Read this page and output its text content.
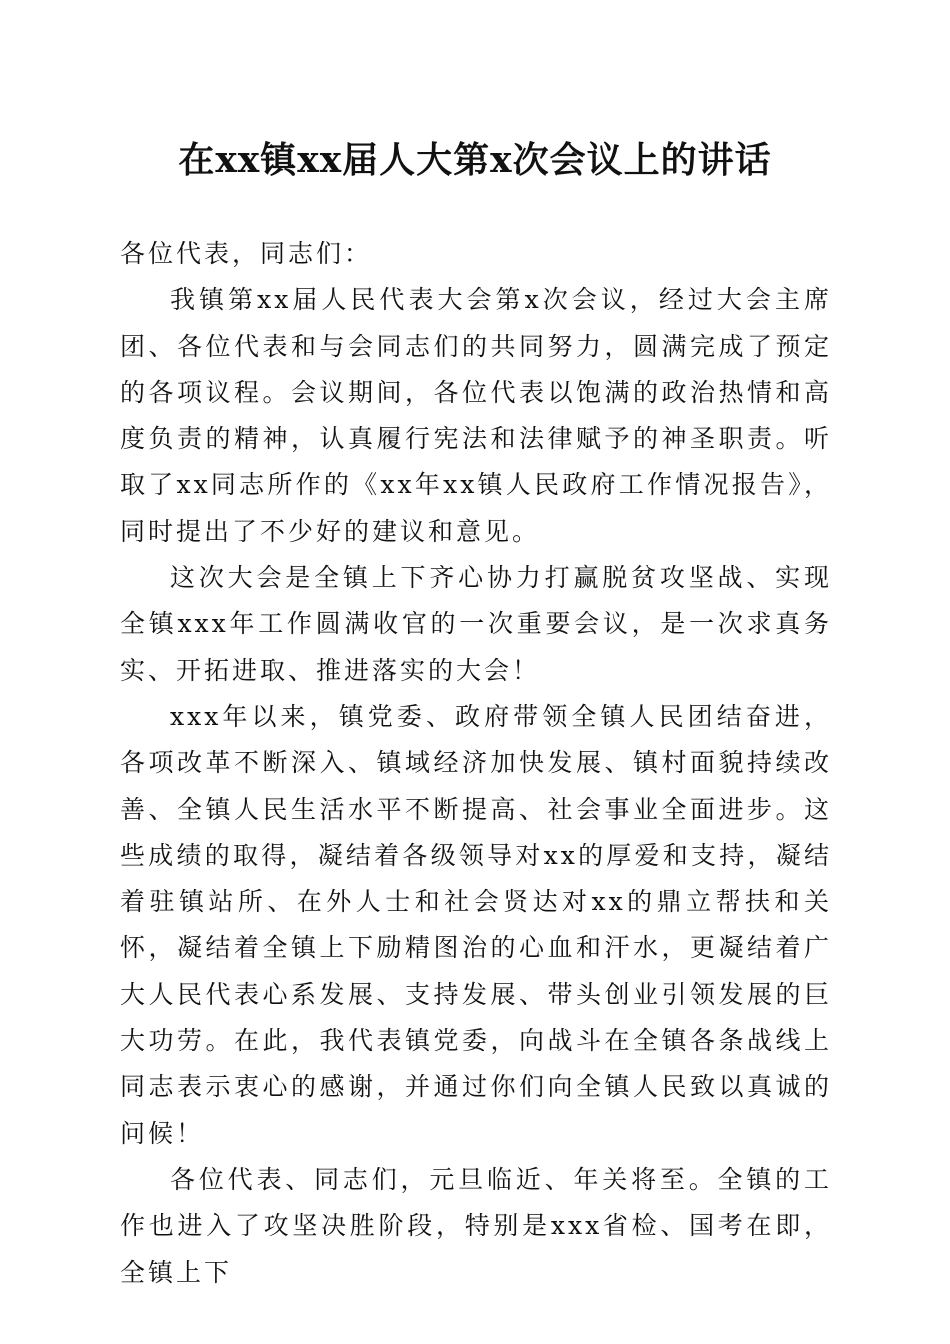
在xx镇xx届人大第x次会议上的讲话

各位代表，同志们：

我镇第xx届人民代表大会第x次会议，经过大会主席团、各位代表和与会同志们的共同努力，圆满完成了预定的各项议程。会议期间，各位代表以饱满的政治热情和高度负责的精神，认真履行宪法和法律赋予的神圣职责。听取了xx同志所作的《xx年xx镇人民政府工作情况报告》，同时提出了不少好的建议和意见。

这次大会是全镇上下齐心协力打赢脱贫攻坚战、实现全镇xxx年工作圆满收官的一次重要会议，是一次求真务实、开拓进取、推进落实的大会！

xxx年以来，镇党委、政府带领全镇人民团结奋进，各项改革不断深入、镇域经济加快发展、镇村面貌持续改善、全镇人民生活水平不断提高、社会事业全面进步。这些成绩的取得，凝结着各级领导对xx的厚爱和支持，凝结着驻镇站所、在外人士和社会贤达对xx的鼎立帮扶和关怀，凝结着全镇上下励精图治的心血和汗水，更凝结着广大人民代表心系发展、支持发展、带头创业引领发展的巨大功劳。在此，我代表镇党委，向战斗在全镇各条战线上同志表示衷心的感谢，并通过你们向全镇人民致以真诚的问候！

各位代表、同志们，元旦临近、年关将至。全镇的工作也进入了攻坚决胜阶段，特别是xxx省检、国考在即，全镇上下
